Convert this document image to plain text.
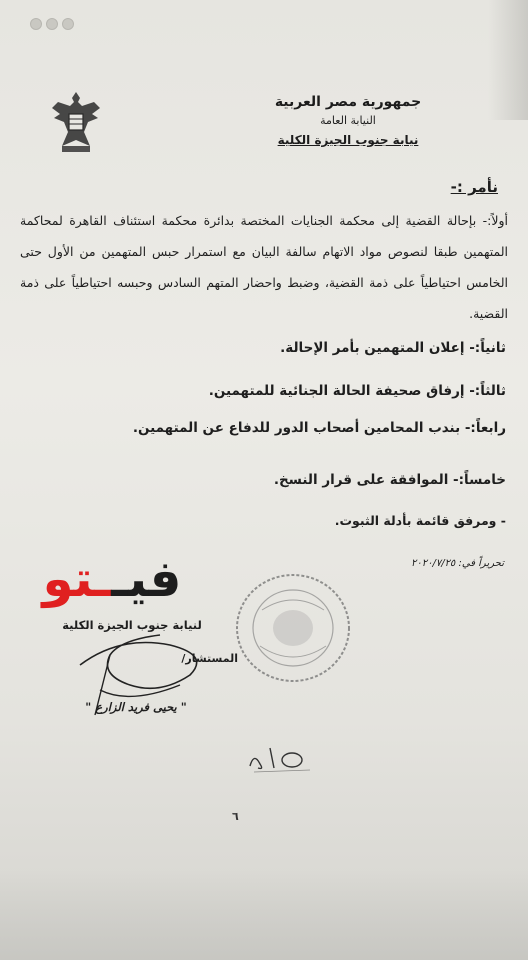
جمهورية مصر العربية
النيابة العامة
نيابة جنوب الجيزة الكلية
نأمر :-
أولاً:- بإحالة القضية إلى محكمة الجنايات المختصة بدائرة محكمة استئناف القاهرة لمحاكمة المتهمين طبقا لنصوص مواد الاتهام سالفة البيان مع استمرار حبس المتهمين من الأول حتى الخامس احتياطياً على ذمة القضية، وضبط واحضار المتهم السادس وحبسه احتياطياً على ذمة القضية.
ثانياً:- إعلان المتهمين بأمر الإحالة.
ثالثاً:- إرفاق صحيفة الحالة الجنائية للمتهمين.
رابعاً:- بندب المحامين أصحاب الدور للدفاع عن المتهمين.
خامساً:- الموافقة على قرار النسخ.
- ومرفق قائمة بأدلة الثبوت.
تحريراً في: ٢٠٢٠/٧/٢٥
فيــتو
لنيابة جنوب الجيزة الكلية
المستشار/
" يحيى فريد الزارع "
٦
